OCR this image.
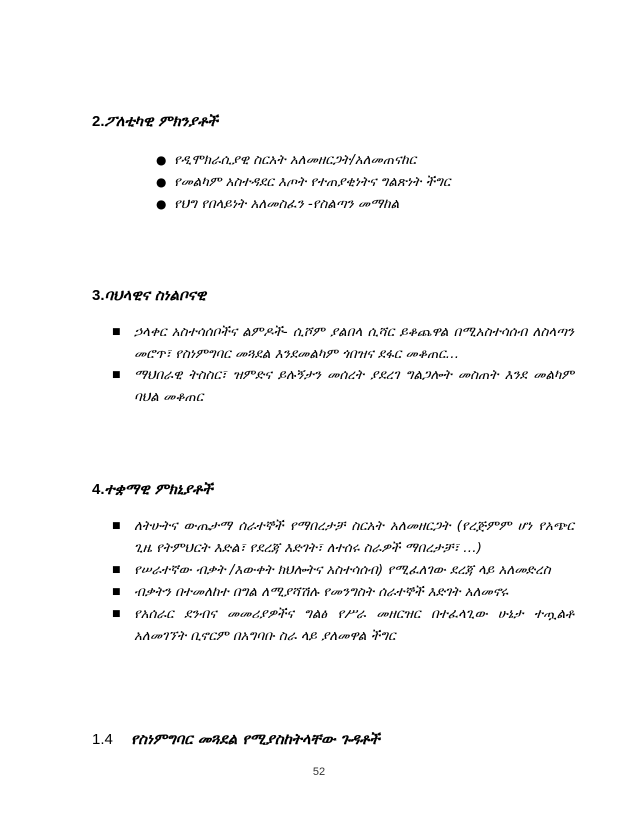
2.ፖለቲካዊ ምክንያቶች
● የዲሞክራሲያዊ ስርአት አለመዘርጋት/አለመጠናከር
● የመልካም አስተዳደር እጦት የተጠያቂነትና ግልጽነት ችግር
● የህግ የበላይነት አለመስፈን -የስልጣን መማከል
3.ባህላዊና ስነልቦናዊ
■ ኃላቀር አስተሳሰቦችና ልምዶች- ሲሾም ያልበላ ሲሻር ይቆጨዋል በሚአስተሳሰብ ለስላጣን መሮጥ፣ የስነምግባር መጓደል እንደመልካም ጎበዝና ደፋር መቆጠር…
■ ማህበራዊ ትስስር፣ ዝምድና ይሉኝታን መሰረት ያደረገ ግልጋሎት መስጠት እንደ መልካም ባህል መቆጠር
4.ተቋማዊ ምክኒያቶች
■ ለትሁትና ውጤታማ ሰራተኞች የማበረታቻ ስርአት አለመዘርጋት (የረጅምም ሆነ የአጭር ጊዜ የትምህርት እድል፣ የደረጃ እድገት፣ ለተሰሩ ስራዎች ማበረታቻ፣ …)
■ የሠራተኛው ብቃት /እውቀት ክህሎትና አስተሳሰብ) የሚፈለገው ደረጃ ላይ አለመድረስ
■ ብቃትን በተመለከተ በግል ለሚያሻሽሉ የመንግስት ሰራተኞች እድገት አለመኖሩ
■ የአሰራር ደንብና መመሪያዎችና ግልፅ የሥራ መዘርዝር በተፈላጊው ሁኔታ ተጧልቶ አለመገኘት ቢኖርም በአግባቡ ስራ ላይ ያለመዋል ችግር
1.4 የስነምግባር መጓደል የሚያስከትላቸው ጉዳቶች
52
